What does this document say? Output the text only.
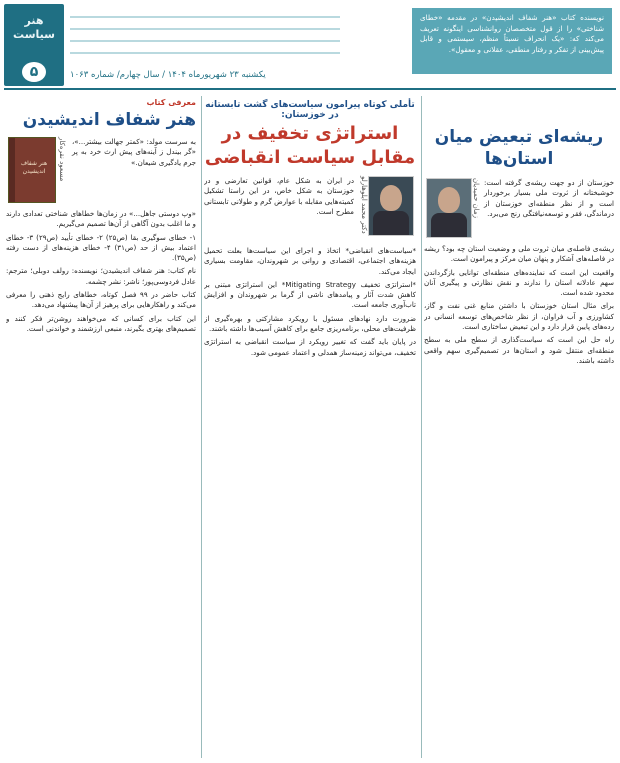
هنر سیاست
۵	یکشنبه ۲۳ شهریورماه ۱۴۰۴ / سال چهارم/ شماره ۱۰۶۳
نویسنده کتاب «هنر شفاف اندیشیدن» در مقدمه «خطای شناختی» را از قول متخصصان روانشناسی اینگونه تعریف می‌کند که: «یک انحراف نسبتاً منظم، سیستمی و قابل پیش‌بینی از تفکر و رفتار منطقی، عقلانی و معقول».
ریشه‌ای تبعیض میان استان‌ها
زمان حمیدیان خوزستان از دو جهت ریشه‌ی گرفته است: خوشبختانه از ثروت ملی بسیار برخوردار است و از نظر منطقه‌ای خوزستان از درماندگی، فقر و توسعه‌نیافتگی رنج می‌برد.

ریشه‌ی فاصله‌ی میان ثروت ملی و وضعیت استان چه بود؟ ریشه در فاصله‌های آشکار و پنهان میان مرکز و پیرامون است.

واقعیت این است که نماینده‌های منطقه‌ای توانایی بازگرداندن سهم عادلانه استان را ندارند و نقش نظارتی و پیگیری آنان محدود شده است.

برای مثال استان خوزستان با داشتن منابع غنی نفت و گاز، کشاورزی و آب فراوان، از نظر شاخص‌های توسعه انسانی در رده‌های پایین قرار دارد و این تبعیض ساختاری است.

راه حل این است که سیاست‌گذاری از سطح ملی به سطح منطقه‌ای منتقل شود و استان‌ها در تصمیم‌گیری سهم واقعی داشته باشند.

تأملی کوتاه پیرامون سیاست‌های گشت تابستانه در خوزستان:
استراتژی تخفیف در مقابل سیاست انقباضی
دکتر محمد ایلوهارلو
در ایران به شکل عام، قوانین تعارضی و در خوزستان به شکل خاص، در این راستا تشکیل کمیته‌هایی مقابله با عوارض گرم و طولانی تابستانی مطرح است.

*سیاست‌های انقباضی* اتخاذ و اجرای این سیاست‌ها بعلت تحمیل هزینه‌های اجتماعی، اقتصادی و روانی بر شهروندان، مقاومت بسیاری ایجاد می‌کند.

*استراتژی تخفیف Mitigating Strategy* این استراتژی مبتنی بر کاهش شدت آثار و پیامدهای ناشی از گرما بر شهروندان و افزایش تاب‌آوری جامعه است.

ضرورت دارد نهادهای مسئول با رویکرد مشارکتی و بهره‌گیری از ظرفیت‌های محلی، برنامه‌ریزی جامع برای کاهش آسیب‌ها داشته باشند.

در پایان باید گفت که تغییر رویکرد از سیاست انقباضی به استراتژی تخفیف، می‌تواند زمینه‌ساز همدلی و اعتماد عمومی شود.

معرفی کتاب
هنر شفاف اندیشیدن
هنر شفاف اندیشیدن	مسعود نقره‌کار به سرست مولد: «کمتر جهالت بیشتر...»، «گر بیندل ز آینه‌های پیش ارث خرد به پر جرم یادگیری شیعان.»

«وپ دوستی جاهل...» در زمان‌ها خطاهای شناختی تعدادی دارند و ما اغلب بدون آگاهی از آن‌ها تصمیم می‌گیریم.

۱- خطای سوگیری بقا (ص۲۵) ۲- خطای تأیید (ص۲۹) ۳- خطای اعتماد بیش از حد (ص۳۱) ۴- خطای هزینه‌های از دست رفته (ص۳۵).

نام کتاب: هنر شفاف اندیشیدن؛ نویسنده: رولف دوبلی؛ مترجم: عادل فردوسی‌پور؛ ناشر: نشر چشمه.

کتاب حاضر در ۹۹ فصل کوتاه، خطاهای رایج ذهنی را معرفی می‌کند و راهکارهایی برای پرهیز از آن‌ها پیشنهاد می‌دهد.

این کتاب برای کسانی که می‌خواهند روشن‌تر فکر کنند و تصمیم‌های بهتری بگیرند، منبعی ارزشمند و خواندنی است.
